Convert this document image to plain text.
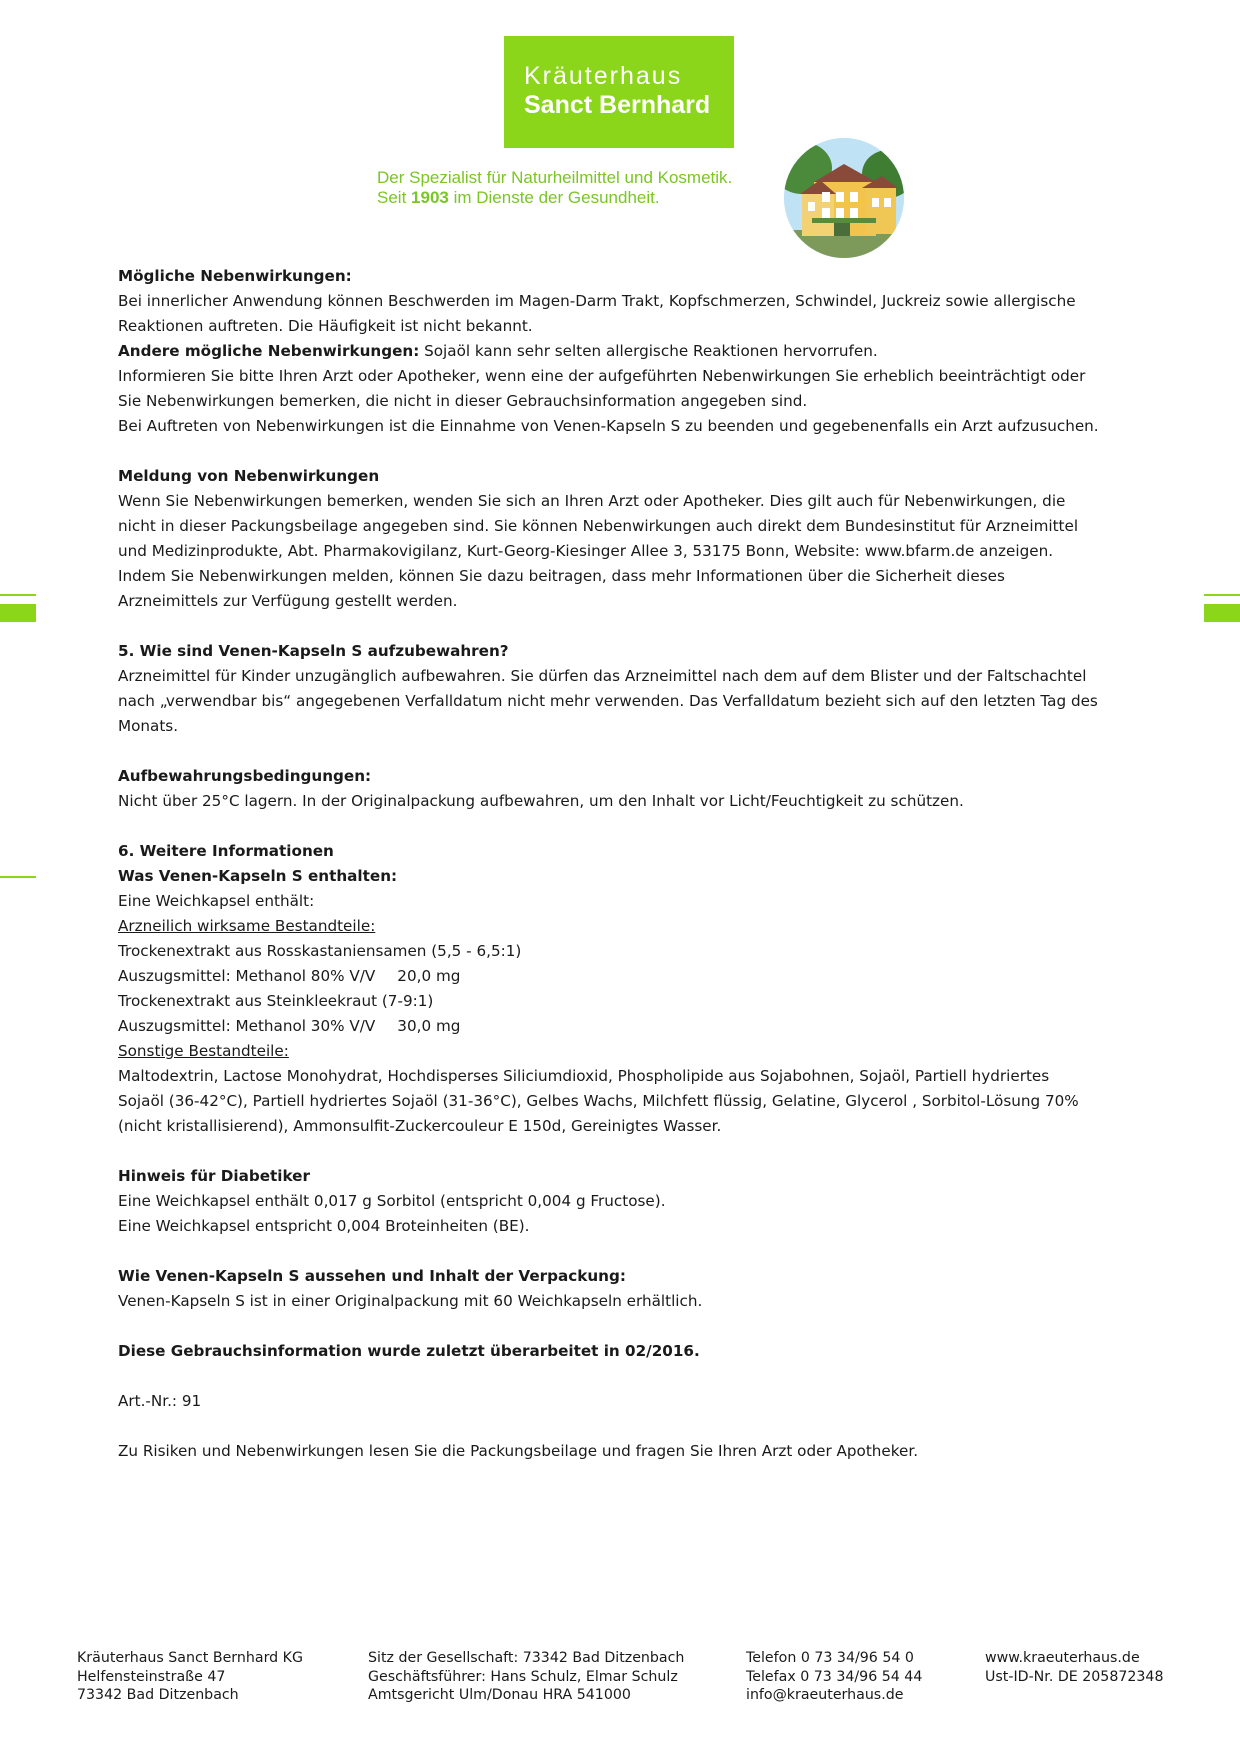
Kräuterhaus
Sanct Bernhard
Der Spezialist für Naturheilmittel und Kosmetik.
Seit 1903 im Dienste der Gesundheit.

Mögliche Nebenwirkungen:

Bei innerlicher Anwendung können Beschwerden im Magen-Darm Trakt, Kopfschmerzen, Schwindel, Juckreiz sowie allergische

Reaktionen auftreten. Die Häufigkeit ist nicht bekannt.

Andere mögliche Nebenwirkungen: Sojaöl kann sehr selten allergische Reaktionen hervorrufen.

Informieren Sie bitte Ihren Arzt oder Apotheker, wenn eine der aufgeführten Nebenwirkungen Sie erheblich beeinträchtigt oder

Sie Nebenwirkungen bemerken, die nicht in dieser Gebrauchsinformation angegeben sind.

Bei Auftreten von Nebenwirkungen ist die Einnahme von Venen-Kapseln S zu beenden und gegebenenfalls ein Arzt aufzusuchen.

Meldung von Nebenwirkungen

Wenn Sie Nebenwirkungen bemerken, wenden Sie sich an Ihren Arzt oder Apotheker. Dies gilt auch für Nebenwirkungen, die

nicht in dieser Packungsbeilage angegeben sind. Sie können Nebenwirkungen auch direkt dem Bundesinstitut für Arzneimittel

und Medizinprodukte, Abt. Pharmakovigilanz, Kurt-Georg-Kiesinger Allee 3, 53175 Bonn, Website: www.bfarm.de anzeigen.

Indem Sie Nebenwirkungen melden, können Sie dazu beitragen, dass mehr Informationen über die Sicherheit dieses

Arzneimittels zur Verfügung gestellt werden.

5. Wie sind Venen-Kapseln S aufzubewahren?

Arzneimittel für Kinder unzugänglich aufbewahren. Sie dürfen das Arzneimittel nach dem auf dem Blister und der Faltschachtel

nach „verwendbar bis“ angegebenen Verfalldatum nicht mehr verwenden. Das Verfalldatum bezieht sich auf den letzten Tag des

Monats.

Aufbewahrungsbedingungen:

Nicht über 25°C lagern. In der Originalpackung aufbewahren, um den Inhalt vor Licht/Feuchtigkeit zu schützen.

6. Weitere Informationen

Was Venen-Kapseln S enthalten:

Eine Weichkapsel enthält:

Arzneilich wirksame Bestandteile:

Trockenextrakt aus Rosskastaniensamen (5,5 - 6,5:1)

Auszugsmittel: Methanol 80% V/V 20,0 mg

Trockenextrakt aus Steinkleekraut (7-9:1)

Auszugsmittel: Methanol 30% V/V 30,0 mg

Sonstige Bestandteile:

Maltodextrin, Lactose Monohydrat, Hochdisperses Siliciumdioxid, Phospholipide aus Sojabohnen, Sojaöl, Partiell hydriertes

Sojaöl (36-42°C), Partiell hydriertes Sojaöl (31-36°C), Gelbes Wachs, Milchfett flüssig, Gelatine, Glycerol , Sorbitol-Lösung 70%

(nicht kristallisierend), Ammonsulfit-Zuckercouleur E 150d, Gereinigtes Wasser.

Hinweis für Diabetiker

Eine Weichkapsel enthält 0,017 g Sorbitol (entspricht 0,004 g Fructose).

Eine Weichkapsel entspricht 0,004 Broteinheiten (BE).

Wie Venen-Kapseln S aussehen und Inhalt der Verpackung:

Venen-Kapseln S ist in einer Originalpackung mit 60 Weichkapseln erhältlich.

Diese Gebrauchsinformation wurde zuletzt überarbeitet in 02/2016.

Art.-Nr.: 91

Zu Risiken und Nebenwirkungen lesen Sie die Packungsbeilage und fragen Sie Ihren Arzt oder Apotheker.

Kräuterhaus Sanct Bernhard KG
Helfensteinstraße 47
73342 Bad Ditzenbach
Sitz der Gesellschaft: 73342 Bad Ditzenbach
Geschäftsführer: Hans Schulz, Elmar Schulz
Amtsgericht Ulm/Donau HRA 541000
Telefon 0 73 34/96 54 0
Telefax 0 73 34/96 54 44
info@kraeuterhaus.de
www.kraeuterhaus.de
Ust-ID-Nr. DE 205872348
